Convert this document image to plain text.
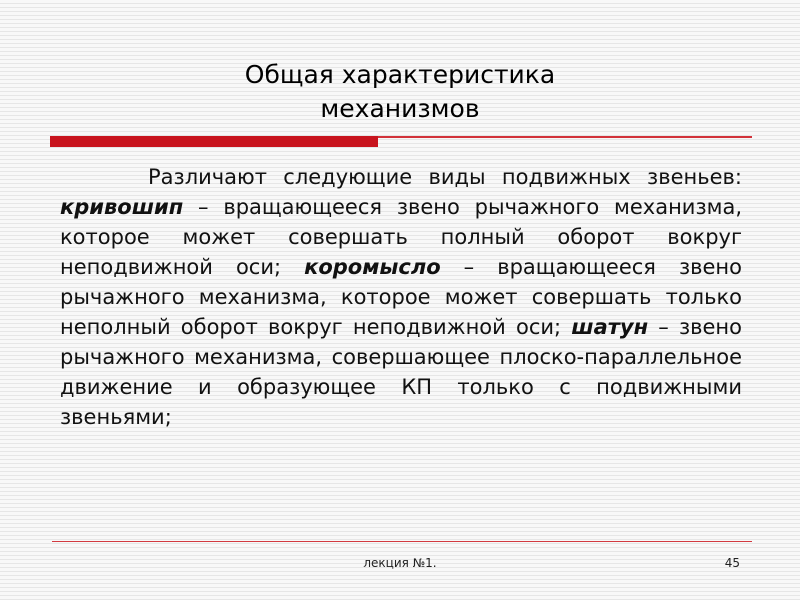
Общая характеристика
механизмов
Различают следующие виды подвижных звеньев: кривошип – вращающееся звено рычажного механизма, которое может совершать полный оборот вокруг неподвижной оси; коромысло – вращающееся звено рычажного механизма, которое может совершать только неполный оборот вокруг неподвижной оси; шатун – звено рычажного механизма, совершающее плоско-параллельное движение и образующее КП только с подвижными звеньями;
лекция №1.	45
